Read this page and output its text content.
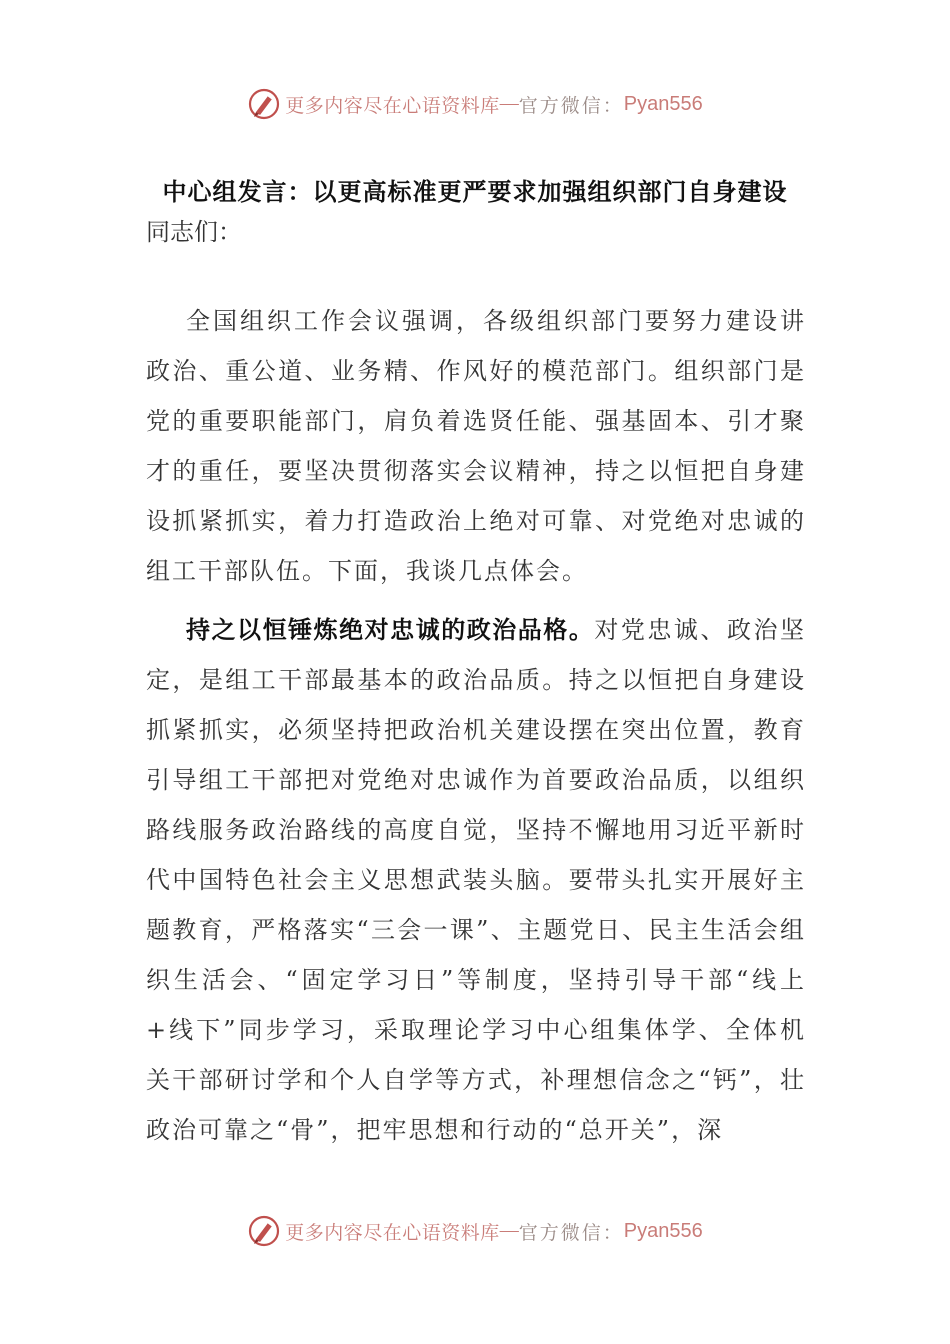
更多内容尽在心语资料库 — 官方微信： Pyan556
中心组发言：以更高标准更严要求加强组织部门自身建设
同志们：
全国组织工作会议强调，各级组织部门要努力建设讲政治、重公道、业务精、作风好的模范部门。组织部门是党的重要职能部门，肩负着选贤任能、强基固本、引才聚才的重任，要坚决贯彻落实会议精神，持之以恒把自身建设抓紧抓实，着力打造政治上绝对可靠、对党绝对忠诚的组工干部队伍。下面，我谈几点体会。
持之以恒锤炼绝对忠诚的政治品格。对党忠诚、政治坚定，是组工干部最基本的政治品质。持之以恒把自身建设抓紧抓实，必须坚持把政治机关建设摆在突出位置，教育引导组工干部把对党绝对忠诚作为首要政治品质，以组织路线服务政治路线的高度自觉，坚持不懈地用习近平新时代中国特色社会主义思想武装头脑。要带头扎实开展好主题教育，严格落实“三会一课”、主题党日、民主生活会组织生活会、“固定学习日”等制度，坚持引导干部“线上+线下”同步学习，采取理论学习中心组集体学、全体机关干部研讨学和个人自学等方式，补理想信念之“钙”，壮政治可靠之“骨”，把牢思想和行动的“总开关”，深
更多内容尽在心语资料库 — 官方微信： Pyan556
